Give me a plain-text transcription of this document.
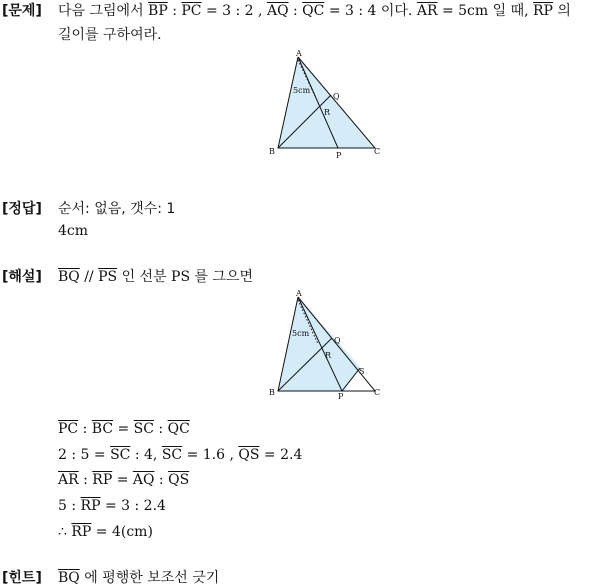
[문제] 다음 그림에서 $\overline{BP}$ : $\overline{PC} = 3$ : 2 , $\overline{AQ}$ : $\overline{QC} = 3$ : 4 이다. $\overline{AR} = 5cm$ 일 때, $\overline{RP}$ 의
길이를 구하여라.
A
B	C
P
Q
R
5cm
[정답] 순서: 없음, 갯수: 1
4cm
[해설] $\overline{BQ} // \overline{PS}$ 인 선분 PS 를 그으면
A
B	C
P
Q
R
S
5cm
$\overline{PC}$ : $\overline{BC} = \overline{SC}$ : $\overline{QC}$
2 : $5 = \overline{SC}$ : 4, $\overline{SC} = 1.6$ , $\overline{QS} = 2.4$
$\overline{AR}$ : $\overline{RP} = \overline{AQ}$ : $\overline{QS}$
5 : $\overline{RP} = 3$ : 2.4
∴ $\overline{RP} = 4(cm)$
[힌트] $\overline{BQ}$ 에 평행한 보조선 긋기
